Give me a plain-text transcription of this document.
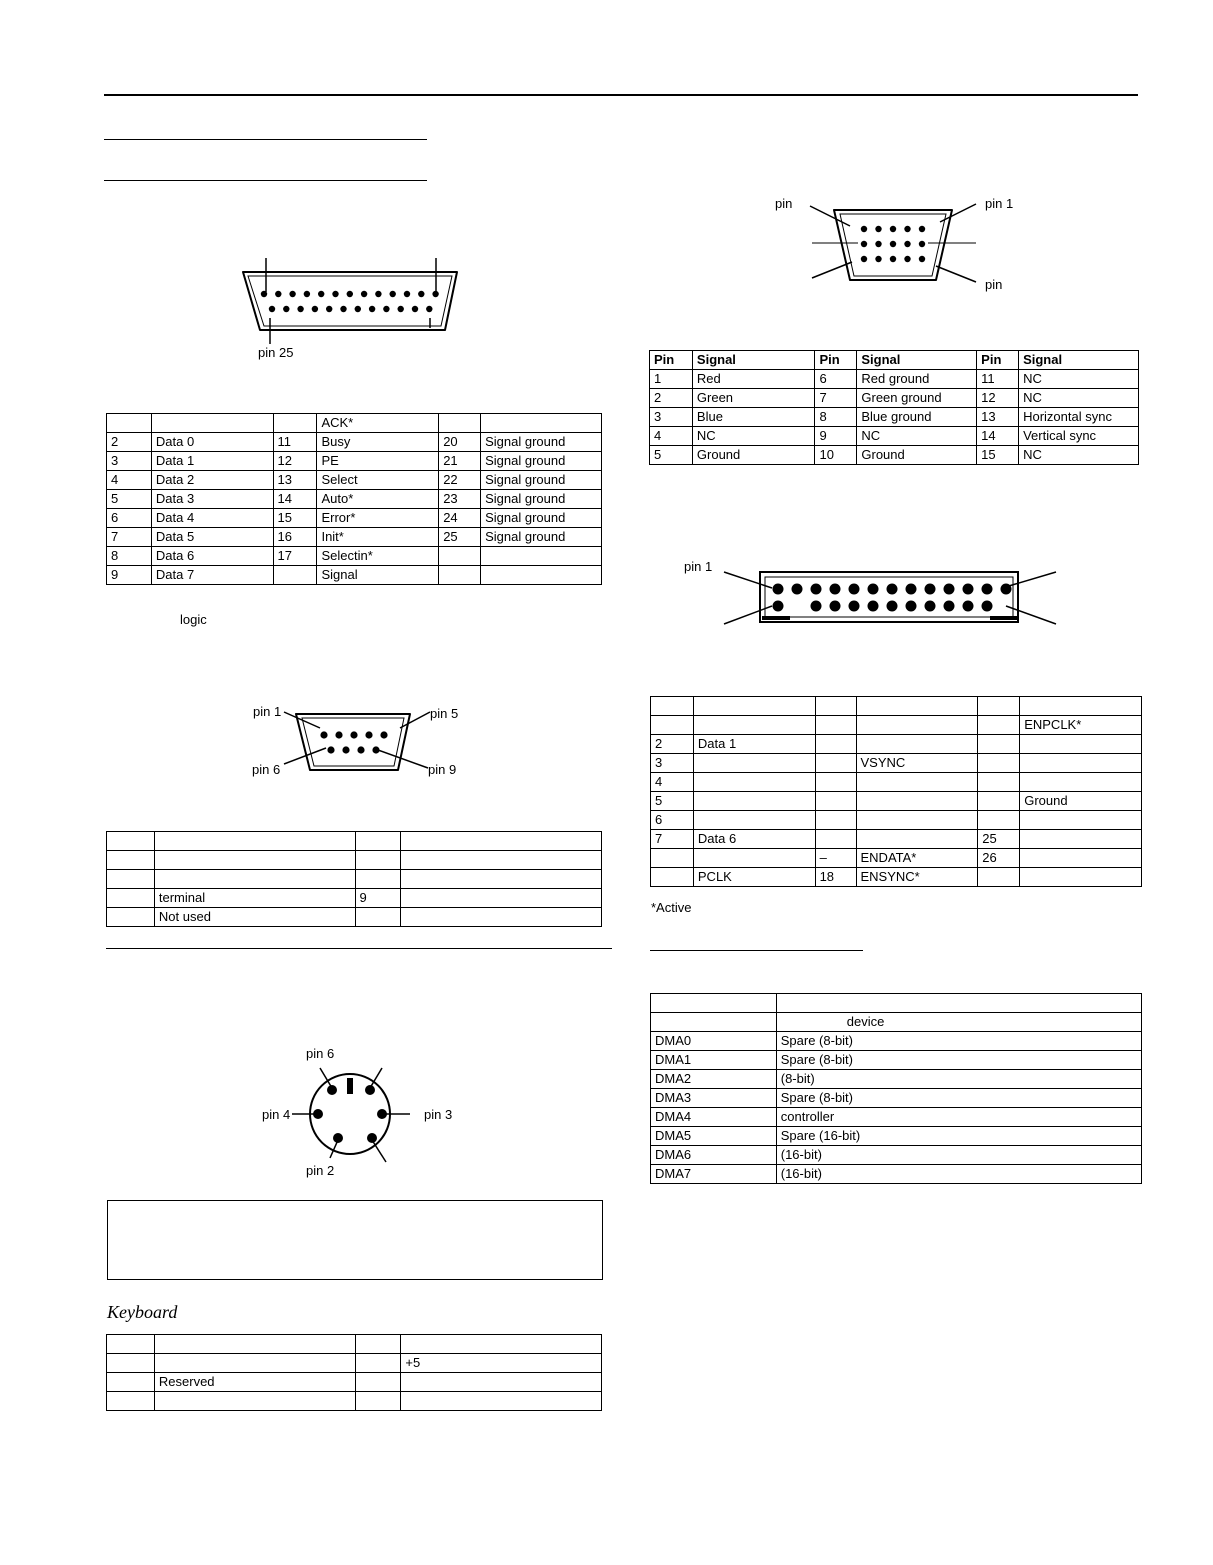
pin 25
			ACK*		
2	Data 0	11	Busy	20	Signal ground
3	Data 1	12	PE	21	Signal ground
4	Data 2	13	Select	22	Signal ground
5	Data 3	14	Auto*	23	Signal ground
6	Data 4	15	Error*	24	Signal ground
7	Data 5	16	Init*	25	Signal ground
8	Data 6	17	Selectin*		
9	Data 7		Signal		
logic
pin 1	pin 5
pin 6	pin 9

	terminal	9	
	Not used		
pin 6
pin 4	pin 3
pin 2
Keyboard

			+5
	Reserved		

pin	pin 1
pin
Pin	Signal	Pin	Signal	Pin	Signal
1	Red	6	Red ground	11	NC
2	Green	7	Green ground	12	NC
3	Blue	8	Blue ground	13	Horizontal sync
4	NC	9	NC	14	Vertical sync
5	Ground	10	Ground	15	NC
pin 1

					ENPCLK*
2	Data 1				
3			VSYNC		
4					
5					Ground
6					
7	Data 6			25	
		–	ENDATA*	26	
	PCLK	18	ENSYNC*		
*Active

	device
DMA0	Spare (8-bit)
DMA1	Spare (8-bit)
DMA2	(8-bit)
DMA3	Spare (8-bit)
DMA4	controller
DMA5	Spare (16-bit)
DMA6	(16-bit)
DMA7	(16-bit)
